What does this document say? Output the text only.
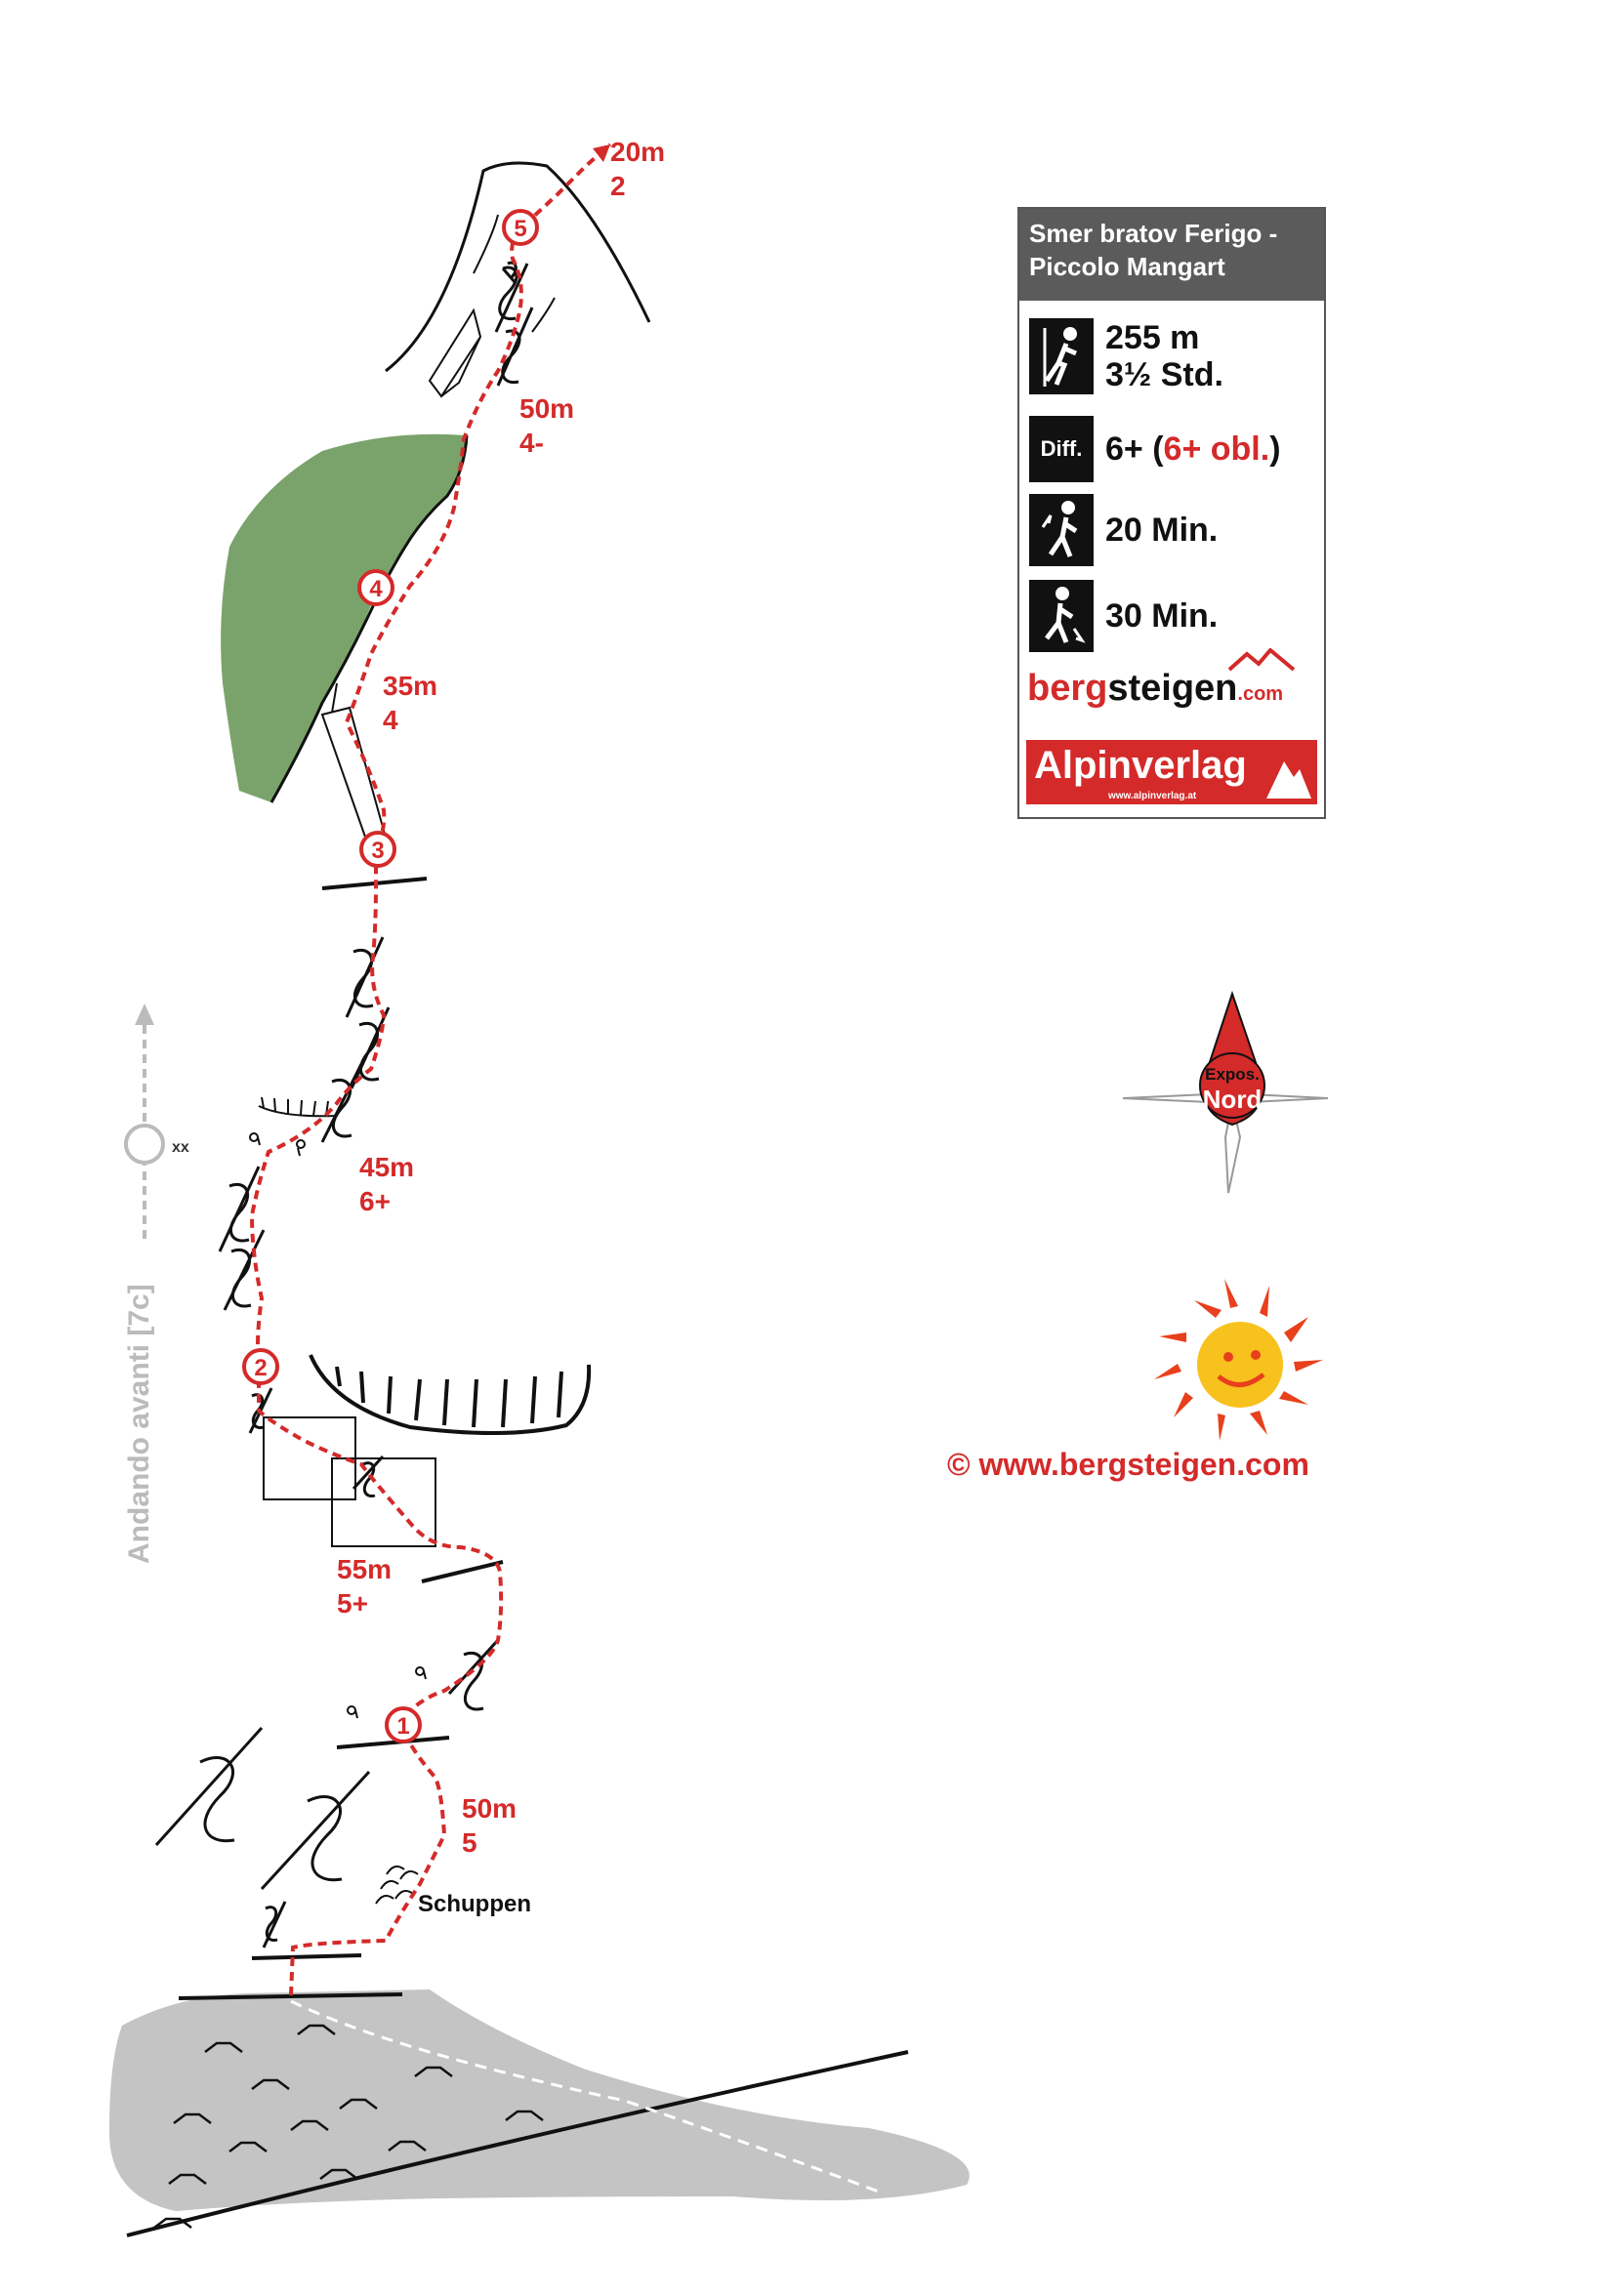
xx
Andando avanti [7c]
1
2
3
4
5
50m
5
55m
5+
45m
6+
35m
4
50m
4-
20m
2
Schuppen
Expos.
Nord
Smer bratov Ferigo -
Piccolo Mangart
255 m
3½ Std.
Diff. 6+ (6+ obl.)
20 Min.
30 Min.
bergsteigen.com
Alpinverlag
www.alpinverlag.at
© www.bergsteigen.com
